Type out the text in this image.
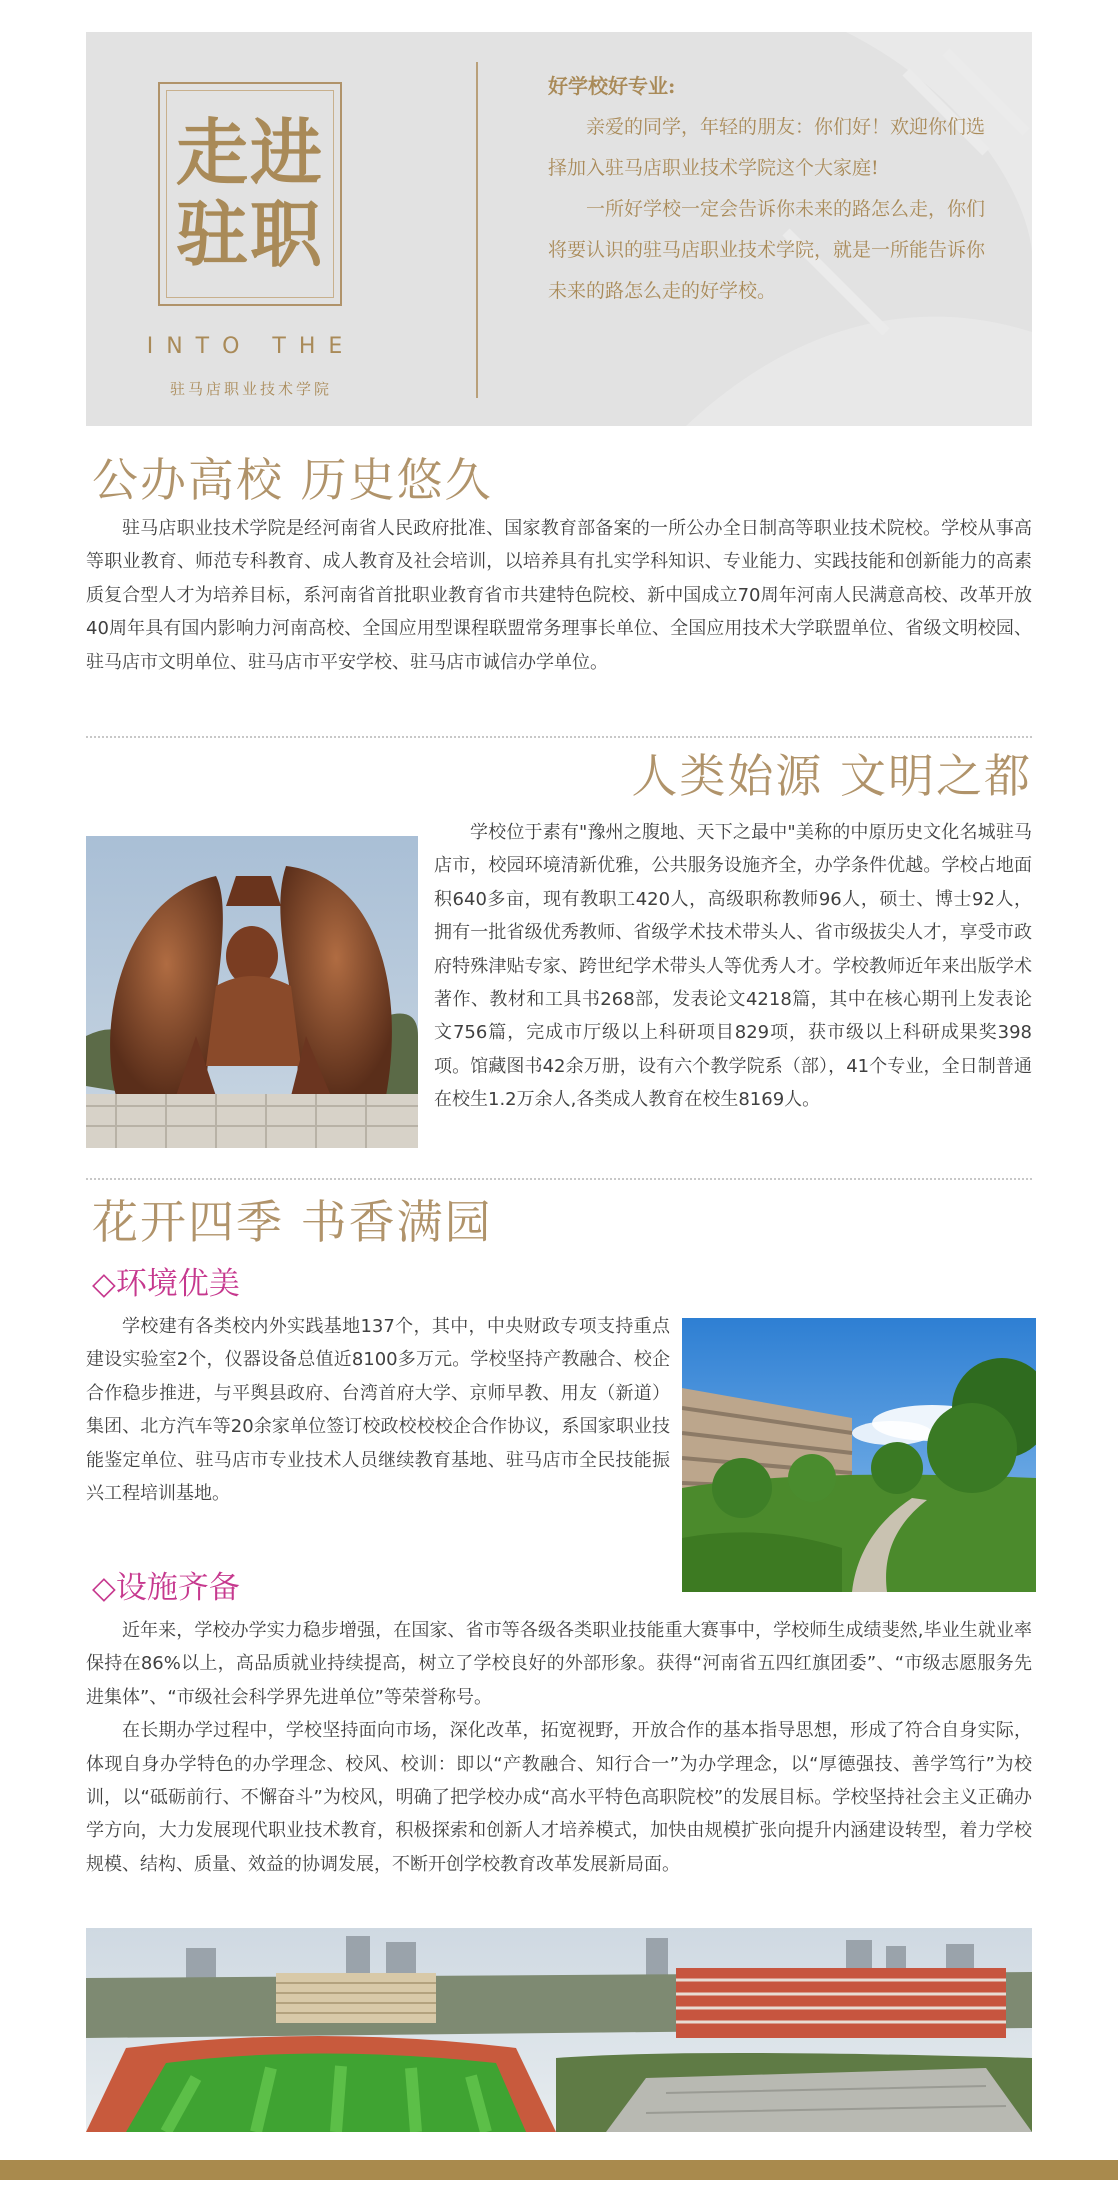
走进
驻职
INTO THE
驻马店职业技术学院
好学校好专业:

亲爱的同学，年轻的朋友：你们好！欢迎你们选择加入驻马店职业技术学院这个大家庭!

一所好学校一定会告诉你未来的路怎么走，你们将要认识的驻马店职业技术学院，就是一所能告诉你未来的路怎么走的好学校。

公办高校 历史悠久

驻马店职业技术学院是经河南省人民政府批准、国家教育部备案的一所公办全日制高等职业技术院校。学校从事高等职业教育、师范专科教育、成人教育及社会培训，以培养具有扎实学科知识、专业能力、实践技能和创新能力的高素质复合型人才为培养目标，系河南省首批职业教育省市共建特色院校、新中国成立70周年河南人民满意高校、改革开放40周年具有国内影响力河南高校、全国应用型课程联盟常务理事长单位、全国应用技术大学联盟单位、省级文明校园、驻马店市文明单位、驻马店市平安学校、驻马店市诚信办学单位。

人类始源 文明之都

学校位于素有"豫州之腹地、天下之最中"美称的中原历史文化名城驻马店市，校园环境清新优雅，公共服务设施齐全，办学条件优越。学校占地面积640多亩，现有教职工420人，高级职称教师96人，硕士、博士92人，拥有一批省级优秀教师、省级学术技术带头人、省市级拔尖人才，享受市政府特殊津贴专家、跨世纪学术带头人等优秀人才。学校教师近年来出版学术著作、教材和工具书268部，发表论文4218篇，其中在核心期刊上发表论文756篇，完成市厅级以上科研项目829项，获市级以上科研成果奖398项。馆藏图书42余万册，设有六个教学院系（部），41个专业，全日制普通在校生1.2万余人,各类成人教育在校生8169人。

花开四季 书香满园
◇环境优美

学校建有各类校内外实践基地137个，其中，中央财政专项支持重点建设实验室2个，仪器设备总值近8100多万元。学校坚持产教融合、校企合作稳步推进，与平舆县政府、台湾首府大学、京师早教、用友（新道）集团、北方汽车等20余家单位签订校政校校校企合作协议，系国家职业技能鉴定单位、驻马店市专业技术人员继续教育基地、驻马店市全民技能振兴工程培训基地。

◇设施齐备

近年来，学校办学实力稳步增强，在国家、省市等各级各类职业技能重大赛事中，学校师生成绩斐然,毕业生就业率保持在86%以上，高品质就业持续提高，树立了学校良好的外部形象。获得“河南省五四红旗团委”、“市级志愿服务先进集体”、“市级社会科学界先进单位”等荣誉称号。

在长期办学过程中，学校坚持面向市场，深化改革，拓宽视野，开放合作的基本指导思想，形成了符合自身实际，体现自身办学特色的办学理念、校风、校训：即以“产教融合、知行合一”为办学理念，以“厚德强技、善学笃行”为校训，以“砥砺前行、不懈奋斗”为校风，明确了把学校办成“高水平特色高职院校”的发展目标。学校坚持社会主义正确办学方向，大力发展现代职业技术教育，积极探索和创新人才培养模式，加快由规模扩张向提升内涵建设转型，着力学校规模、结构、质量、效益的协调发展，不断开创学校教育改革发展新局面。
